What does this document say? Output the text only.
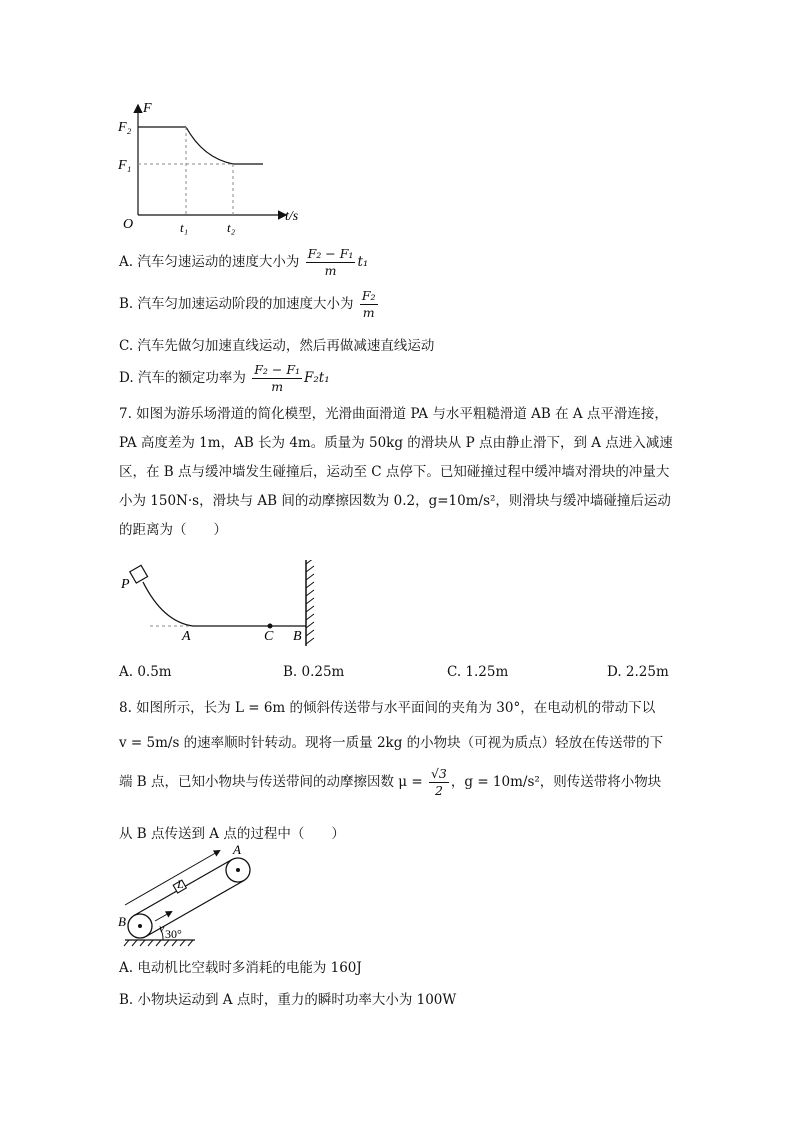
F
F₂
F₁
O	t₁	t₂
t/s
A. 汽车匀速运动的速度大小为 $\frac{\text{F₂ − F₁}}{m} t_1$
B. 汽车匀加速运动阶段的加速度大小为 $\frac{\text{F₂}}{m}$
C. 汽车先做匀加速直线运动，然后再做减速直线运动
D. 汽车的额定功率为 $\frac{\text{F₂ − F₁}}{m} F_2t_1$
7. 如图为游乐场滑道的简化模型，光滑曲面滑道 PA 与水平粗糙滑道 AB 在 A 点平滑连接，PA 高度差为 1m，AB 长为 4m。质量为 50kg 的滑块从 P 点由静止滑下，到 A 点进入减速区，在 B 点与缓冲墙发生碰撞后，运动至 C 点停下。已知碰撞过程中缓冲墙对滑块的冲量大小为 150N·s，滑块与 AB 间的动摩擦因数为 0.2，g=10m/s²，则滑块与缓冲墙碰撞后运动的距离为（　　）
P
A	C B
A. 0.5m	B. 0.25m	C. 1.25m	D. 2.25m
8. 如图所示，长为 L = 6m 的倾斜传送带与水平面间的夹角为 30°，在电动机的带动下以
v = 5m/s 的速率顺时针转动。现将一质量 2kg 的小物块（可视为质点）轻放在传送带的下
端 B 点，已知小物块与传送带间的动摩擦因数 $\mu = \frac{√3}{2}$ ，g = 10m/s²，则传送带将小物块
从 B 点传送到 A 点的过程中（　　）
L
v
A
B
30°
A. 电动机比空载时多消耗的电能为 160J
B. 小物块运动到 A 点时，重力的瞬时功率大小为 100W
